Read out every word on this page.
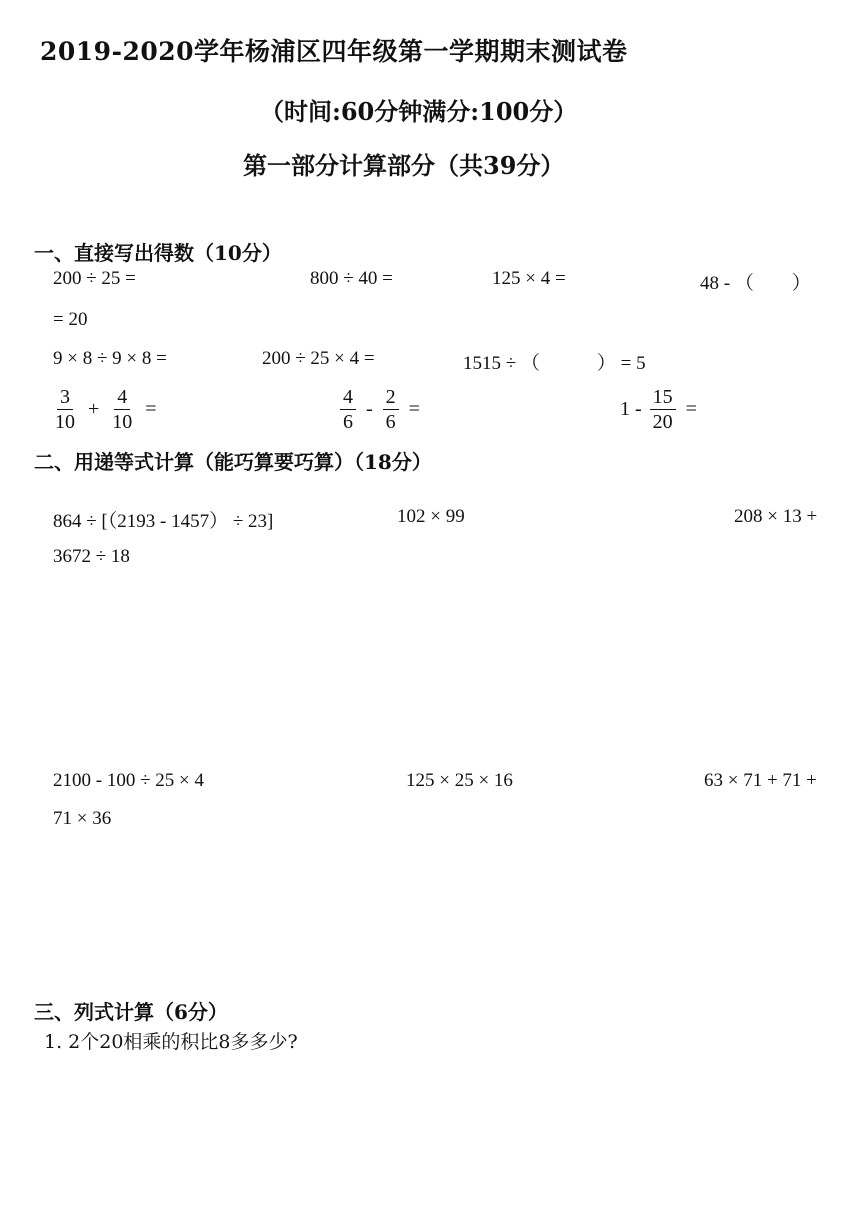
2019-2020学年杨浦区四年级第一学期期末测试卷
（时间:60分钟满分:100分）
第一部分计算部分（共39分）
一、直接写出得数（10分）
200 ÷ 25 =	800 ÷ 40 =	125 × 4 =	48 - （　　）
= 20
9 × 8 ÷ 9 × 8 =	200 ÷ 25 × 4 =	1515 ÷ （　　　） = 5
$\frac{3}{10} + \frac{4}{10}$ =	$\frac{4}{6} - \frac{2}{6}$ =	$1 - \frac{15}{20}$ =
二、用递等式计算（能巧算要巧算）（18分）
864 ÷ [（2193 - 1457） ÷ 23]	102 × 99	208 × 13 +
3672 ÷ 18
2100 - 100 ÷ 25 × 4	125 × 25 × 16	63 × 71 + 71 +
71 × 36
三、列式计算（6分）
1. 2个20相乘的积比8多多少?
